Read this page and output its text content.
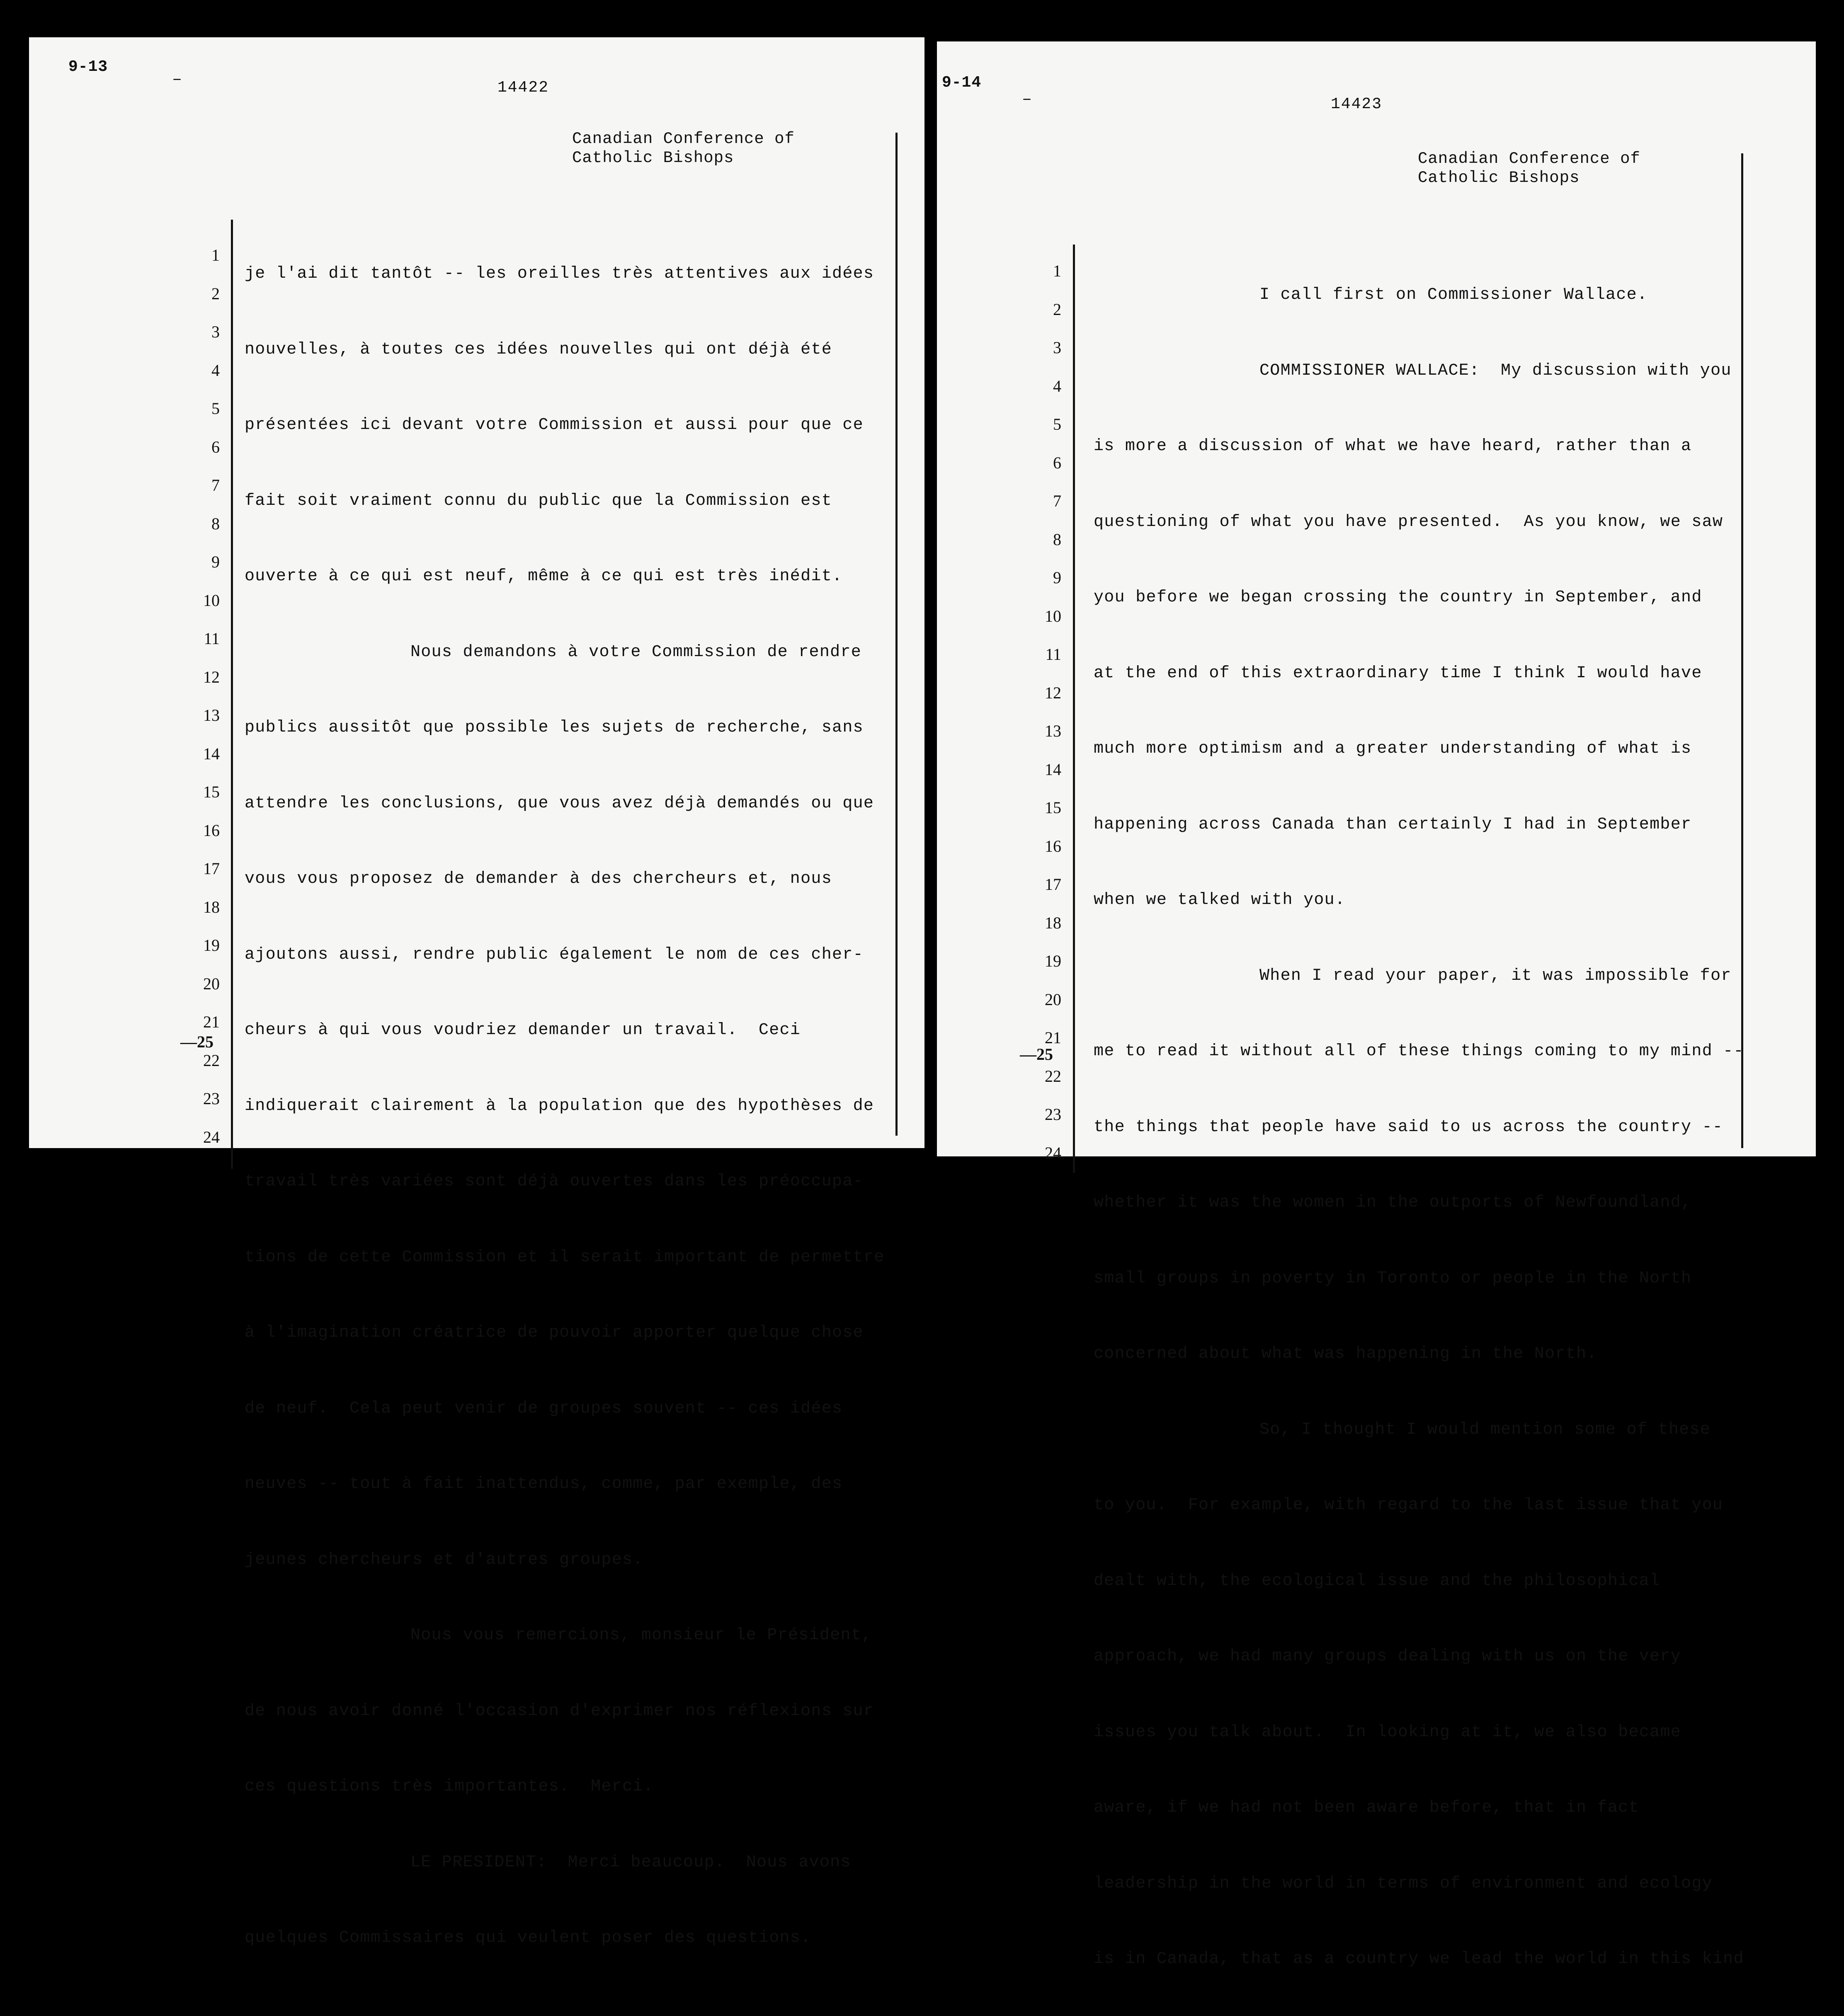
9-13
–	14422
Canadian Conference of
Catholic Bishops
1
2
3
4
5
6
7
8
9
10
11
12
13
14
15
16
17
18
19
20
21
22
23
24
—25

je l'ai dit tantôt -- les oreilles très attentives aux idées

nouvelles, à toutes ces idées nouvelles qui ont déjà été

présentées ici devant votre Commission et aussi pour que ce

fait soit vraiment connu du public que la Commission est

ouverte à ce qui est neuf, même à ce qui est très inédit.

Nous demandons à votre Commission de rendre

publics aussitôt que possible les sujets de recherche, sans

attendre les conclusions, que vous avez déjà demandés ou que

vous vous proposez de demander à des chercheurs et, nous

ajoutons aussi, rendre public également le nom de ces cher-

cheurs à qui vous voudriez demander un travail.  Ceci

indiquerait clairement à la population que des hypothèses de

travail très variées sont déjà ouvertes dans les préoccupa-

tions de cette Commission et il serait important de permettre

à l'imagination créatrice de pouvoir apporter quelque chose

de neuf.  Cela peut venir de groupes souvent -- ces idées

neuves -- tout à fait inattendus, comme, par exemple, des

jeunes chercheurs et d'autres groupes.

Nous vous remercions, monsieur le Président,

de nous avoir donné l'occasion d'exprimer nos réflexions sur

ces questions très importantes.  Merci.

LE PRESIDENT:  Merci beaucoup.  Nous avons

quelques Commissaires qui veulent poser des questions.

9-14
–	14423
Canadian Conference of
Catholic Bishops
1
2
3
4
5
6
7
8
9
10
11
12
13
14
15
16
17
18
19
20
21
22
23
24
—25

I call first on Commissioner Wallace.

COMMISSIONER WALLACE:  My discussion with you

is more a discussion of what we have heard, rather than a

questioning of what you have presented.  As you know, we saw

you before we began crossing the country in September, and

at the end of this extraordinary time I think I would have

much more optimism and a greater understanding of what is

happening across Canada than certainly I had in September

when we talked with you.

When I read your paper, it was impossible for

me to read it without all of these things coming to my mind --

the things that people have said to us across the country --

whether it was the women in the outports of Newfoundland,

small groups in poverty in Toronto or people in the North

concerned about what was happening in the North.

So, I thought I would mention some of these

to you.  For example, with regard to the last issue that you

dealt with, the ecological issue and the philosophical

approach, we had many groups dealing with us on the very

issues you talk about.  In looking at it, we also became

aware, if we had not been aware before, that in fact

leadership in the world in terms of environment and ecology

is in Canada, that as a country we lead the world in this kind
